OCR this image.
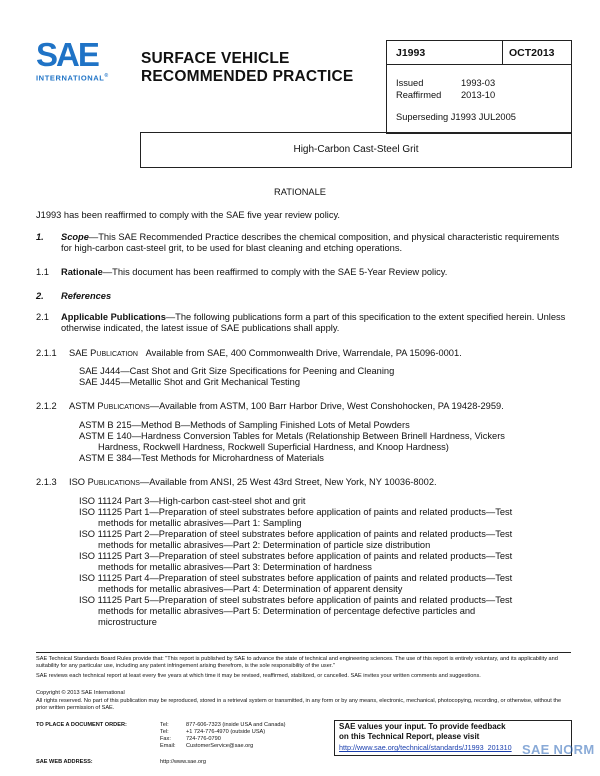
SAE
INTERNATIONAL®
SURFACE VEHICLE
RECOMMENDED PRACTICE
J1993	OCT2013
Issued	1993-03
Reaffirmed 2013-10
Superseding J1993 JUL2005
High-Carbon Cast-Steel Grit
RATIONALE
J1993 has been reaffirmed to comply with the SAE five year review policy.
1. Scope—This SAE Recommended Practice describes the chemical composition, and physical characteristic requirements for high-carbon cast-steel grit, to be used for blast cleaning and etching operations.
1.1 Rationale—This document has been reaffirmed to comply with the SAE 5-Year Review policy.
2. References
2.1 Applicable Publications—The following publications form a part of this specification to the extent specified herein. Unless otherwise indicated, the latest issue of SAE publications shall apply.
2.1.1 SAE Publication Available from SAE, 400 Commonwealth Drive, Warrendale, PA 15096-0001.
SAE J444—Cast Shot and Grit Size Specifications for Peening and Cleaning
SAE J445—Metallic Shot and Grit Mechanical Testing
2.1.2 ASTM Publications—Available from ASTM, 100 Barr Harbor Drive, West Conshohocken, PA 19428-2959.
ASTM B 215—Method B—Methods of Sampling Finished Lots of Metal Powders
ASTM E 140—Hardness Conversion Tables for Metals (Relationship Between Brinell Hardness, Vickers
Hardness, Rockwell Hardness, Rockwell Superficial Hardness, and Knoop Hardness)
ASTM E 384—Test Methods for Microhardness of Materials
2.1.3 ISO Publications—Available from ANSI, 25 West 43rd Street, New York, NY 10036-8002.
ISO 11124 Part 3—High-carbon cast-steel shot and grit
ISO 11125 Part 1—Preparation of steel substrates before application of paints and related products—Test
methods for metallic abrasives—Part 1: Sampling
ISO 11125 Part 2—Preparation of steel substrates before application of paints and related products—Test
methods for metallic abrasives—Part 2: Determination of particle size distribution
ISO 11125 Part 3—Preparation of steel substrates before application of paints and related products—Test
methods for metallic abrasives—Part 3: Determination of hardness
ISO 11125 Part 4—Preparation of steel substrates before application of paints and related products—Test
methods for metallic abrasives—Part 4: Determination of apparent density
ISO 11125 Part 5—Preparation of steel substrates before application of paints and related products—Test
methods for metallic abrasives—Part 5: Determination of percentage defective particles and
microstructure
SAE Technical Standards Board Rules provide that: "This report is published by SAE to advance the state of technical and engineering sciences. The use of this report is entirely voluntary, and its applicability and suitability for any particular use, including any patent infringement arising therefrom, is the sole responsibility of the user."
SAE reviews each technical report at least every five years at which time it may be revised, reaffirmed, stabilized, or cancelled. SAE invites your written comments and suggestions.
Copyright © 2013 SAE International
All rights reserved. No part of this publication may be reproduced, stored in a retrieval system or transmitted, in any form or by any means, electronic, mechanical, photocopying, recording, or otherwise, without the prior written permission of SAE.
TO PLACE A DOCUMENT ORDER:	Tel:	877-606-7323 (inside USA and Canada)
Tel:	+1 724-776-4970 (outside USA)
Fax:	724-776-0790
Email: CustomerService@sae.org
SAE WEB ADDRESS:	http://www.sae.org
SAE values your input. To provide feedback
on this Technical Report, please visit
http://www.sae.org/technical/standards/J1993_201310 SAE NORM
